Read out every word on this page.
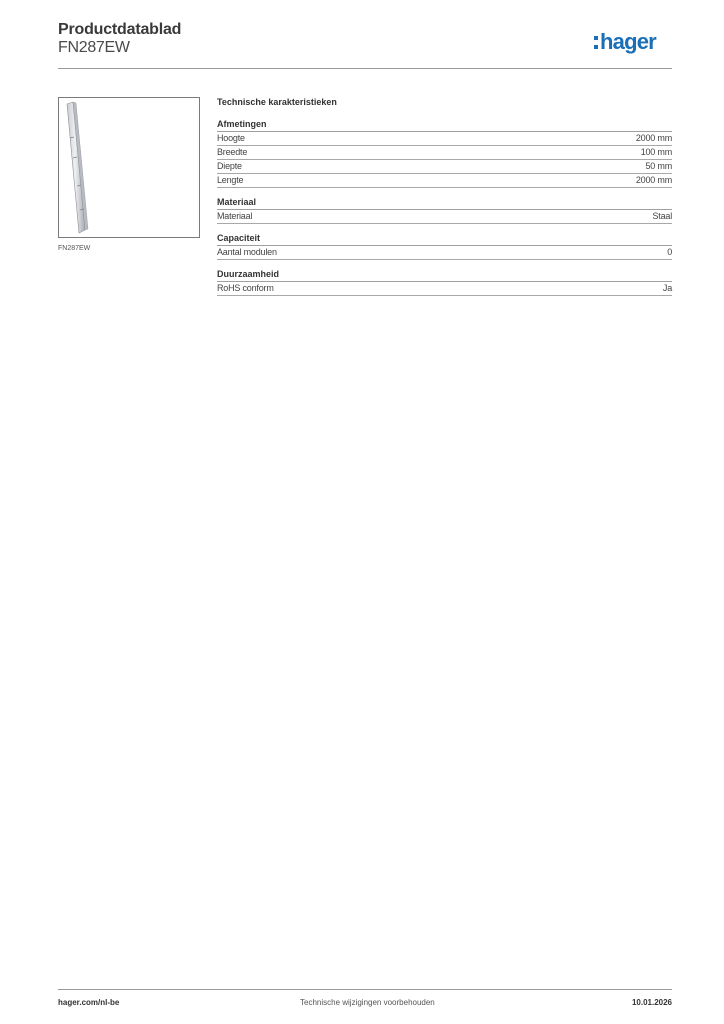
Productdatablad
FN287EW	hager
FN287EW
Technische karakteristieken
Afmetingen
Hoogte	2000 mm
Breedte	100 mm
Diepte	50 mm
Lengte	2000 mm
Materiaal
Materiaal	Staal
Capaciteit
Aantal modulen	0
Duurzaamheid
RoHS conform	Ja
hager.com/nl-be	Technische wijzigingen voorbehouden	10.01.2026
